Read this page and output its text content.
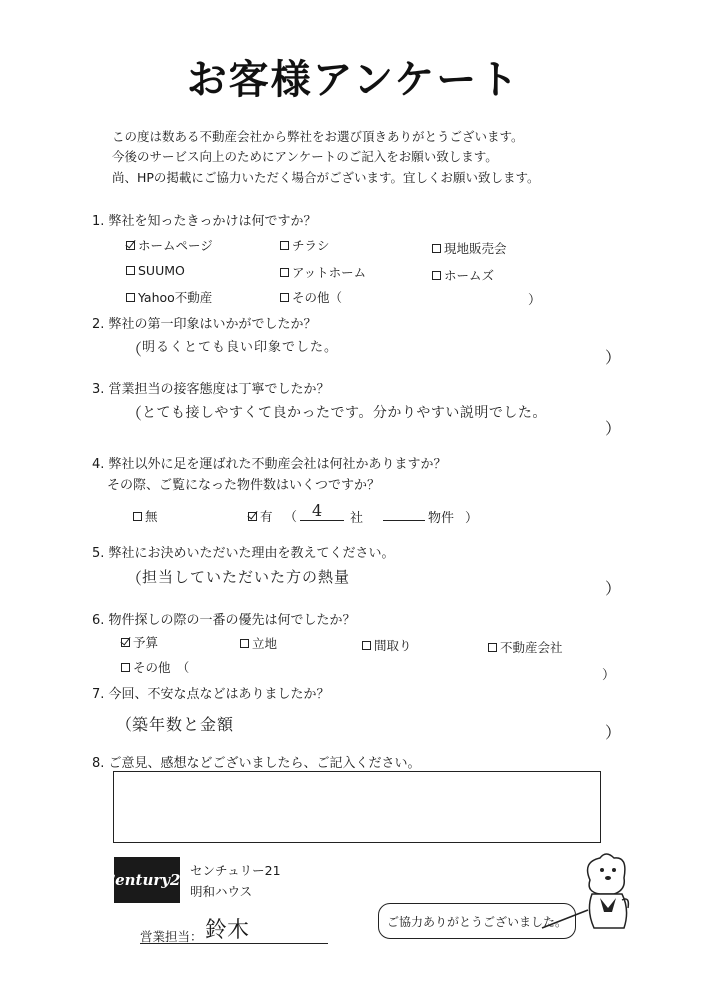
お客様アンケート
この度は数ある不動産会社から弊社をお選び頂きありがとうございます。
今後のサービス向上のためにアンケートのご記入をお願い致します。
尚、HPの掲載にご協力いただく場合がございます。宜しくお願い致します。
1. 弊社を知ったきっかけは何ですか？
ホームページ	チラシ	現地販売会
SUUMO	アットホーム	ホームズ
Yahoo不動産	その他（	）
2. 弊社の第一印象はいかがでしたか？
（ 明るくとても良い印象でした。
）
3. 営業担当の接客態度は丁寧でしたか？
（ とても接しやすくて良かったです。分かりやすい説明でした。
）
4. 弊社以外に足を運ばれた不動産会社は何社かありますか？
その際、ご覧になった物件数はいくつですか？
無	有 （ 4 社	物件 ）
5. 弊社にお決めいただいた理由を教えてください。
（ 担当していただいた方の熱量
）
6. 物件探しの際の一番の優先は何でしたか？
予算	立地	間取り	不動産会社
その他　（
）
7. 今回、不安な点などはありましたか？
（ 築年数と金額	）
8. ご意見、感想などございましたら、ご記入ください。
Century21
センチュリー21
明和ハウス
営業担当： 鈴木	ご協力ありがとうございました。
